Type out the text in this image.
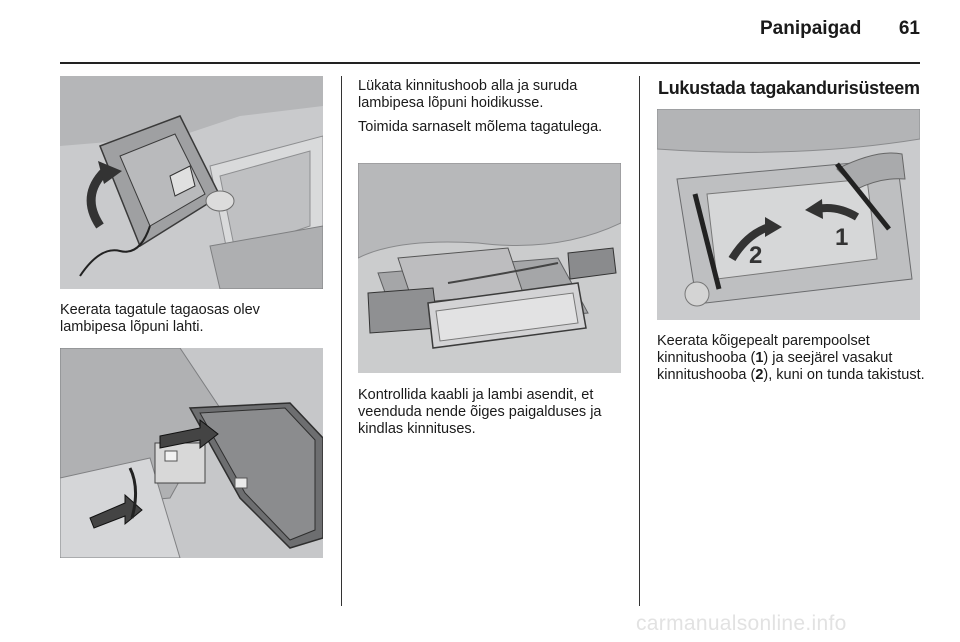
Panipaigad	61

Keerata tagatule tagaosas olev lambipesa lõpuni lahti.

Lükata kinnitushoob alla ja suruda lambipesa lõpuni hoidikusse.

Toimida sarnaselt mõlema tagatulega.

Kontrollida kaabli ja lambi asendit, et veenduda nende õiges paigalduses ja kindlas kinnituses.

Lukustada tagakandurisüsteem
1
2

Keerata kõigepealt parempoolset kinnitushooba (1) ja seejärel vasakut kinnitushooba (2), kuni on tunda takistust.

carmanualsonline.info
